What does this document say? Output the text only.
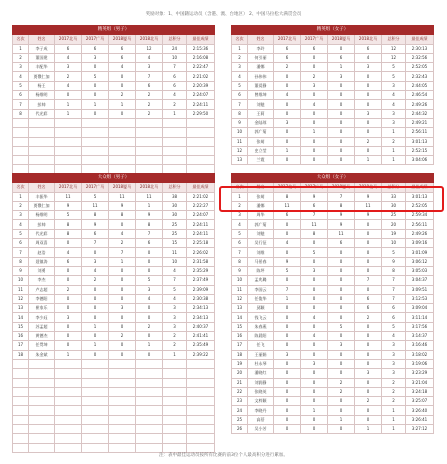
奖励对象：1、中国籍运动员（含港、澳、台地区） 2、中国马拉松大满贯会员
精英组（男子）							
名次	姓名	2017北马	2017广马	2018厦马	2018北马	总积分	最佳成绩
1	李子成	6	6	6	12	24	2:15:36
2	董国建	4	3	6	4	10	2:16:08
3	丰配华	3	0	4	3	7	2:22:47
4	贾俄仁加	2	5	0	7	6	2:21:02
5	杨王	4	0	0	6	6	2:20:39
6	杨维明	0	0	2	2	4	2:24:07
7	彭帅	1	1	1	2	2	2:24:11
8	代光彩	1	0	0	2	1	2:29:50

精英组（女子）							
名次	姓名	2017北马	2017广马	2018厦马	2018北马	总积分	最佳成绩
1	李玲	6	6	0	6	12	2:30:13
2	何引丽	6	0	6	4	12	2:32:56
3	潘娜	2	0	1	3	5	2:52:05
4	孙伟伟	0	2	3	0	5	2:32:43
5	董爱静	0	3	0	0	3	2:44:05
6	曾维坤	4	0	0	0	4	2:46:54
7	刘勉	0	4	0	0	4	2:49:26
8	王莉	0	0	0	3	3	2:44:32
9	金陆琼	3	0	0	0	3	2:49:21
10	郭广菊	0	1	0	0	1	2:56:11
11	张萌	0	0	0	2	2	3:01:13
12	史立莹	1	0	0	0	1	2:52:15
13	兰霞	0	0	0	1	1	3:04:06
大众组（男子）							
名次	姓名	2017北马	2017广马	2018厦马	2018北马	总积分	最佳成绩
1	丰振华	11	5	11	11	38	2:21:02
2	贾俄仁加	9	11	9	1	30	2:22:27
3	杨维明	5	8	8	9	30	2:24:07
4	彭帅	8	9	0	8	25	2:24:11
5	代光彩	8	6	4	7	25	2:24:11
6	周双喜	0	7	2	6	15	2:25:18
7	赵浩	4	0	7	0	11	2:26:02
8	聂镇涛	6	3	1	0	10	2:31:58
9	刘勇	0	4	0	0	4	2:35:29
10	李杰	0	2	0	5	7	2:37:49
11	卢志超	2	0	0	3	5	2:39:09
12	李德阳	0	0	0	4	4	2:30:38
13	崔家乐	0	0	3	0	3	2:34:13
14	李少珏	3	0	0	0	3	2:34:13
15	苏孟超	0	1	0	2	3	2:40:37
16	黄德杰	0	0	2	0	2	2:41:41
17	任贯坤	0	1	0	1	2	2:35:49
18	朱金斌	1	0	0	0	1	2:39:22

大众组（女子）							
名次	姓名	2017北马	2017广马	2018厦马	2018北马	总积分	最佳成绩
1	张萌	8	9	7	9	33	3:01:13
2	潘娜	11	6	8	11	30	2:52:05
3	周华	6	7	9	9	25	2:59:34
4	郭广菊	0	11	9	0	20	2:56:11
5	刘勉	0	8	11	0	19	2:49:26
6	吴行征	4	0	6	0	10	3:09:16
7	刘维	0	5	0	0	5	3:01:09
8	马景春	9	0	0	0	9	3:06:12
9	陈坪	5	3	0	0	8	3:05:03
10	孟兆璐	0	0	0	7	7	3:04:37
11	李国云	7	0	0	0	7	3:09:51
12	任俊华	1	0	0	6	7	3:12:53
13	邱颖	0	0	0	6	6	3:09:04
14	钱飞云	0	4	0	2	6	3:11:14
15	朱春燕	0	0	5	0	5	3:17:56
16	陈晨阳	0	4	0	0	4	3:14:37
17	任飞	0	0	3	0	3	3:16:46
18	王丽娟	3	0	0	0	3	3:18:02
19	杜永琴	0	3	0	0	3	3:19:06
20	潘晓红	0	0	0	3	3	3:23:29
21	刘润静	0	0	2	0	2	3:21:04
22	张晓英	0	0	2	0	2	3:24:18
23	文梓颖	0	0	0	2	2	3:25:07
24	李晓丹	0	1	0	0	1	3:26:40
25	高蓓	0	0	1	0	1	3:26:41
26	吴小芳	0	0	0	1	1	3:27:12
注：表中最佳运动员按所有比赛的前3位个人最高积分进行累加。
